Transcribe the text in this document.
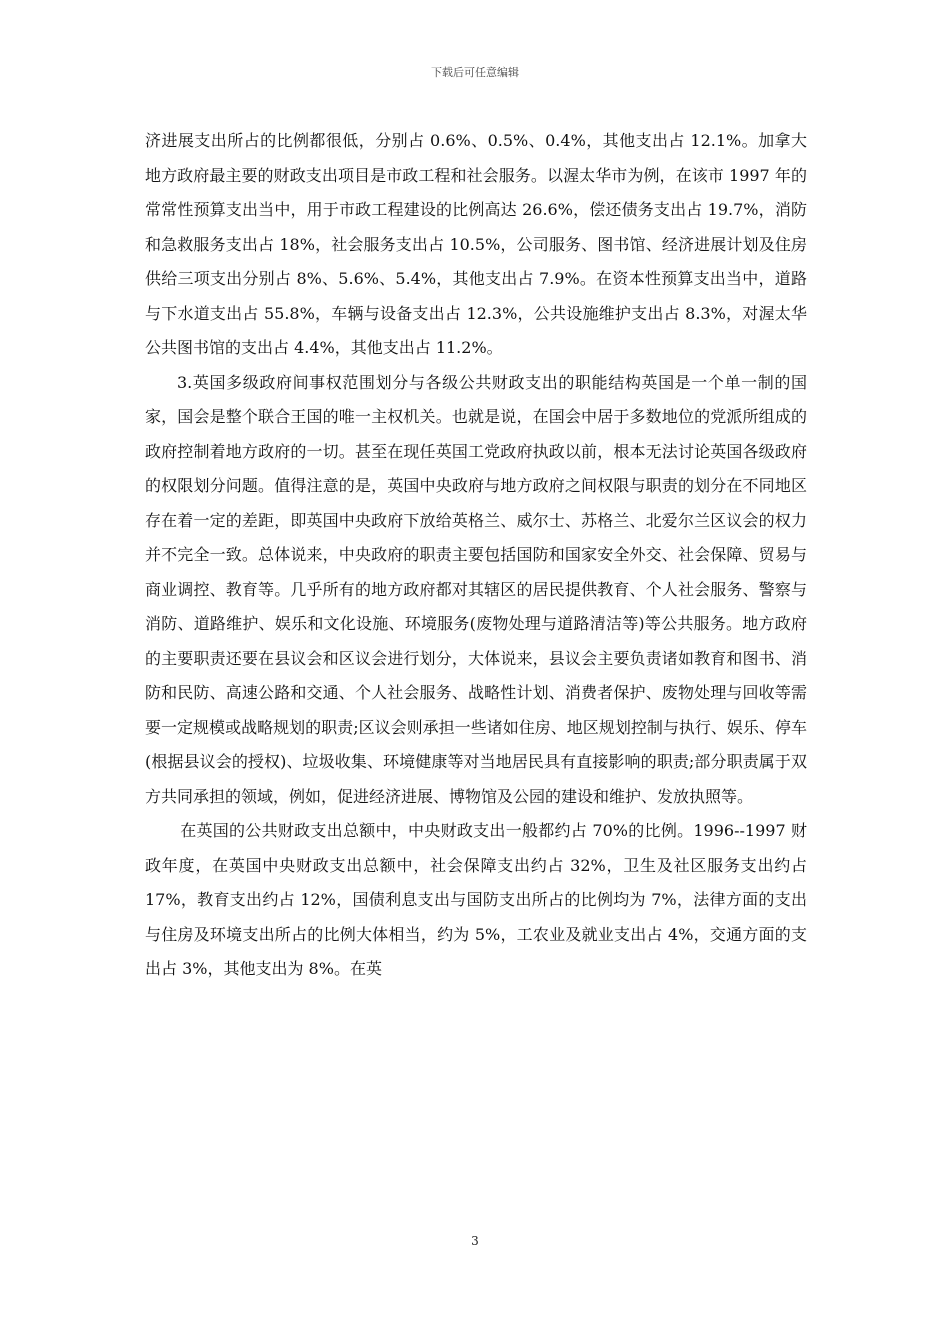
下载后可任意编辑

济进展支出所占的比例都很低，分别占 0.6%、0.5%、0.4%，其他支出占 12.1%。加拿大地方政府最主要的财政支出项目是市政工程和社会服务。以渥太华市为例，在该市 1997 年的常常性预算支出当中，用于市政工程建设的比例高达 26.6%，偿还债务支出占 19.7%，消防和急救服务支出占 18%，社会服务支出占 10.5%，公司服务、图书馆、经济进展计划及住房供给三项支出分别占 8%、5.6%、5.4%，其他支出占 7.9%。在资本性预算支出当中，道路与下水道支出占 55.8%，车辆与设备支出占 12.3%，公共设施维护支出占 8.3%，对渥太华公共图书馆的支出占 4.4%，其他支出占 11.2%。

3.英国多级政府间事权范围划分与各级公共财政支出的职能结构英国是一个单一制的国家，国会是整个联合王国的唯一主权机关。也就是说，在国会中居于多数地位的党派所组成的政府控制着地方政府的一切。甚至在现任英国工党政府执政以前，根本无法讨论英国各级政府的权限划分问题。值得注意的是，英国中央政府与地方政府之间权限与职责的划分在不同地区存在着一定的差距，即英国中央政府下放给英格兰、威尔士、苏格兰、北爱尔兰区议会的权力并不完全一致。总体说来，中央政府的职责主要包括国防和国家安全外交、社会保障、贸易与商业调控、教育等。几乎所有的地方政府都对其辖区的居民提供教育、个人社会服务、警察与消防、道路维护、娱乐和文化设施、环境服务(废物处理与道路清洁等)等公共服务。地方政府的主要职责还要在县议会和区议会进行划分，大体说来，县议会主要负责诸如教育和图书、消防和民防、高速公路和交通、个人社会服务、战略性计划、消费者保护、废物处理与回收等需要一定规模或战略规划的职责;区议会则承担一些诸如住房、地区规划控制与执行、娱乐、停车(根据县议会的授权)、垃圾收集、环境健康等对当地居民具有直接影响的职责;部分职责属于双方共同承担的领域，例如，促进经济进展、博物馆及公园的建设和维护、发放执照等。

在英国的公共财政支出总额中，中央财政支出一般都约占 70%的比例。1996--1997 财政年度，在英国中央财政支出总额中，社会保障支出约占 32%，卫生及社区服务支出约占 17%，教育支出约占 12%，国债利息支出与国防支出所占的比例均为 7%，法律方面的支出与住房及环境支出所占的比例大体相当，约为 5%，工农业及就业支出占 4%，交通方面的支出占 3%，其他支出为 8%。在英

3
